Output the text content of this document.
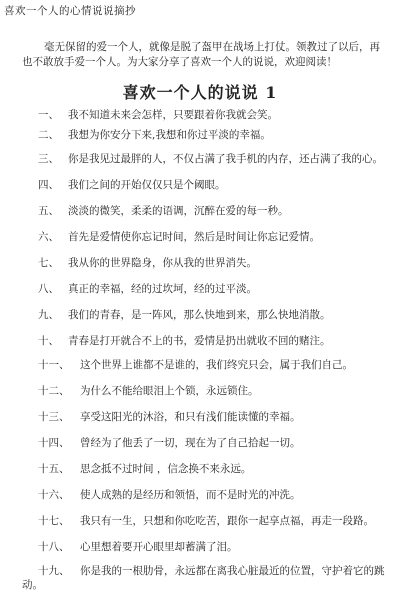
喜欢一个人的心情说说摘抄

毫无保留的爱一个人，就像是脱了盔甲在战场上打仗。领教过了以后，再也不敢放手爱一个人。为大家分享了喜欢一个人的说说，欢迎阅读！

喜欢一个人的说说 1
一、 我不知道未来会怎样，只要跟着你我就会笑。
二、 我想为你安分下来,我想和你过平淡的幸福。
三、 你是我见过最胖的人，不仅占满了我手机的内存，还占满了我的心。
四、 我们之间的开始仅仅只是个阈眼。
五、 淡淡的微笑，柔柔的语调，沉醉在爱的每一秒。
六、 首先是爱情使你忘记时间，然后是时间让你忘记爱情。
七、 我从你的世界隐身，你从我的世界消失。
八、 真正的幸福，经的过坎坷，经的过平淡。
九、 我们的青春，是一阵风，那么快地到来，那么快地消散。
十、 青春是打开就合不上的书，爱情是扔出就收不回的赌注。
十一、 这个世界上谁都不是谁的，我们终究只会，属于我们自己。
十二、 为什么不能给眼泪上个锁，永远锁住。
十三、 享受这阳光的沐浴，和只有浅们能读懂的幸福。
十四、 曾经为了他丢了一切，现在为了自己拾起一切。
十五、 思念抵不过时间 ，信念换不来永远。
十六、 使人成熟的是经历和领悟，而不是时光的冲洗。
十七、 我只有一生，只想和你吃吃苦，跟你一起享点福，再走一段路。
十八、 心里想着要开心眼里却蓄满了泪。
十九、 你是我的一根肋骨，永远都在离我心脏最近的位置，守护着它的跳
动。
